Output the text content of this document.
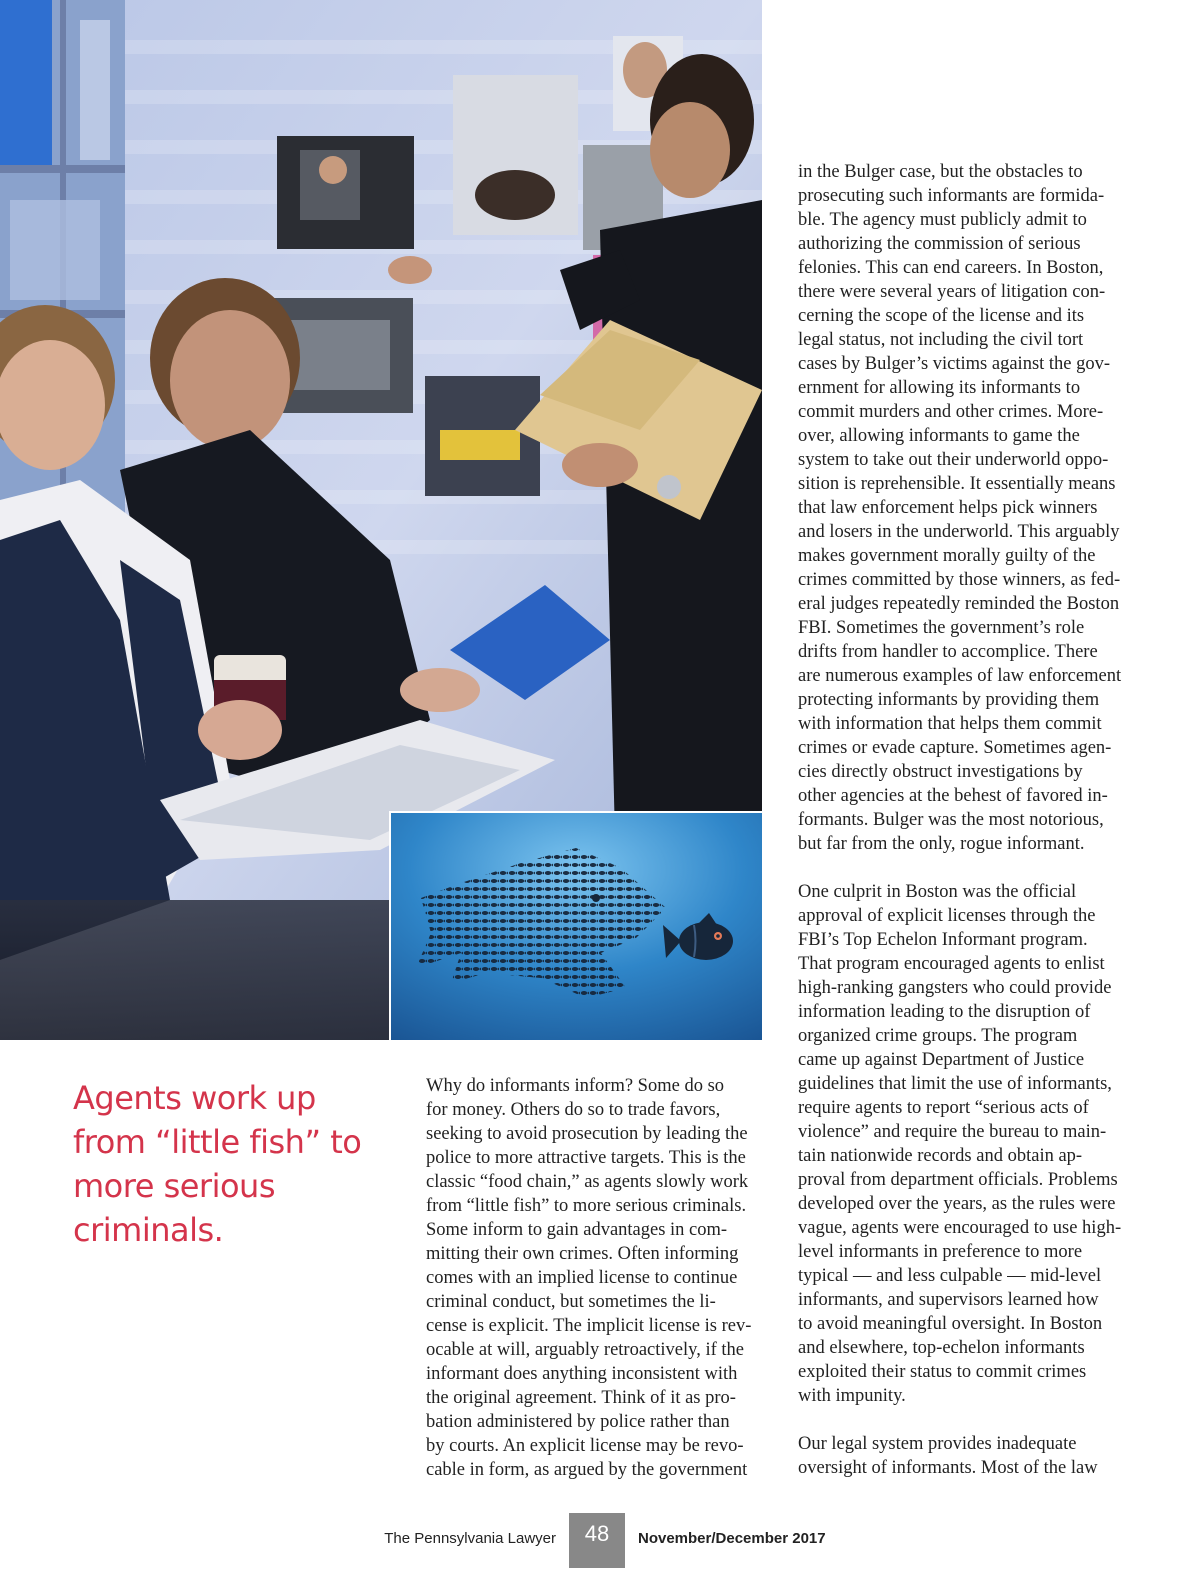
Agents work up from “little fish” to more serious criminals.

in the Bulger case, but the obstacles to

prosecuting such informants are formida-

ble. The agency must publicly admit to

authorizing the commission of serious

felonies. This can end careers. In Boston,

there were several years of litigation con-

cerning the scope of the license and its

legal status, not including the civil tort

cases by Bulger’s victims against the gov-

ernment for allowing its informants to

commit murders and other crimes. More-

over, allowing informants to game the

system to take out their underworld oppo-

sition is reprehensible. It essentially means

that law enforcement helps pick winners

and losers in the underworld. This arguably

makes government morally guilty of the

crimes committed by those winners, as fed-

eral judges repeatedly reminded the Boston

FBI. Sometimes the government’s role

drifts from handler to accomplice. There

are numerous examples of law enforcement

protecting informants by providing them

with information that helps them commit

crimes or evade capture. Sometimes agen-

cies directly obstruct investigations by

other agencies at the behest of favored in-

formants. Bulger was the most notorious,

but far from the only, rogue informant.

One culprit in Boston was the official

approval of explicit licenses through the

FBI’s Top Echelon Informant program.

That program encouraged agents to enlist

high-ranking gangsters who could provide

information leading to the disruption of

organized crime groups. The program

came up against Department of Justice

guidelines that limit the use of informants,

require agents to report “serious acts of

violence” and require the bureau to main-

tain nationwide records and obtain ap-

proval from department officials. Problems

developed over the years, as the rules were

vague, agents were encouraged to use high-

level informants in preference to more

typical — and less culpable — mid-level

informants, and supervisors learned how

to avoid meaningful oversight. In Boston

and elsewhere, top-echelon informants

exploited their status to commit crimes

with impunity.

Our legal system provides inadequate

oversight of informants. Most of the law

Why do informants inform? Some do so

for money. Others do so to trade favors,

seeking to avoid prosecution by leading the

police to more attractive targets. This is the

classic “food chain,” as agents slowly work

from “little fish” to more serious criminals.

Some inform to gain advantages in com-

mitting their own crimes. Often informing

comes with an implied license to continue

criminal conduct, but sometimes the li-

cense is explicit. The implicit license is rev-

ocable at will, arguably retroactively, if the

informant does anything inconsistent with

the original agreement. Think of it as pro-

bation administered by police rather than

by courts. An explicit license may be revo-

cable in form, as argued by the government

The Pennsylvania Lawyer	48	November/December 2017
